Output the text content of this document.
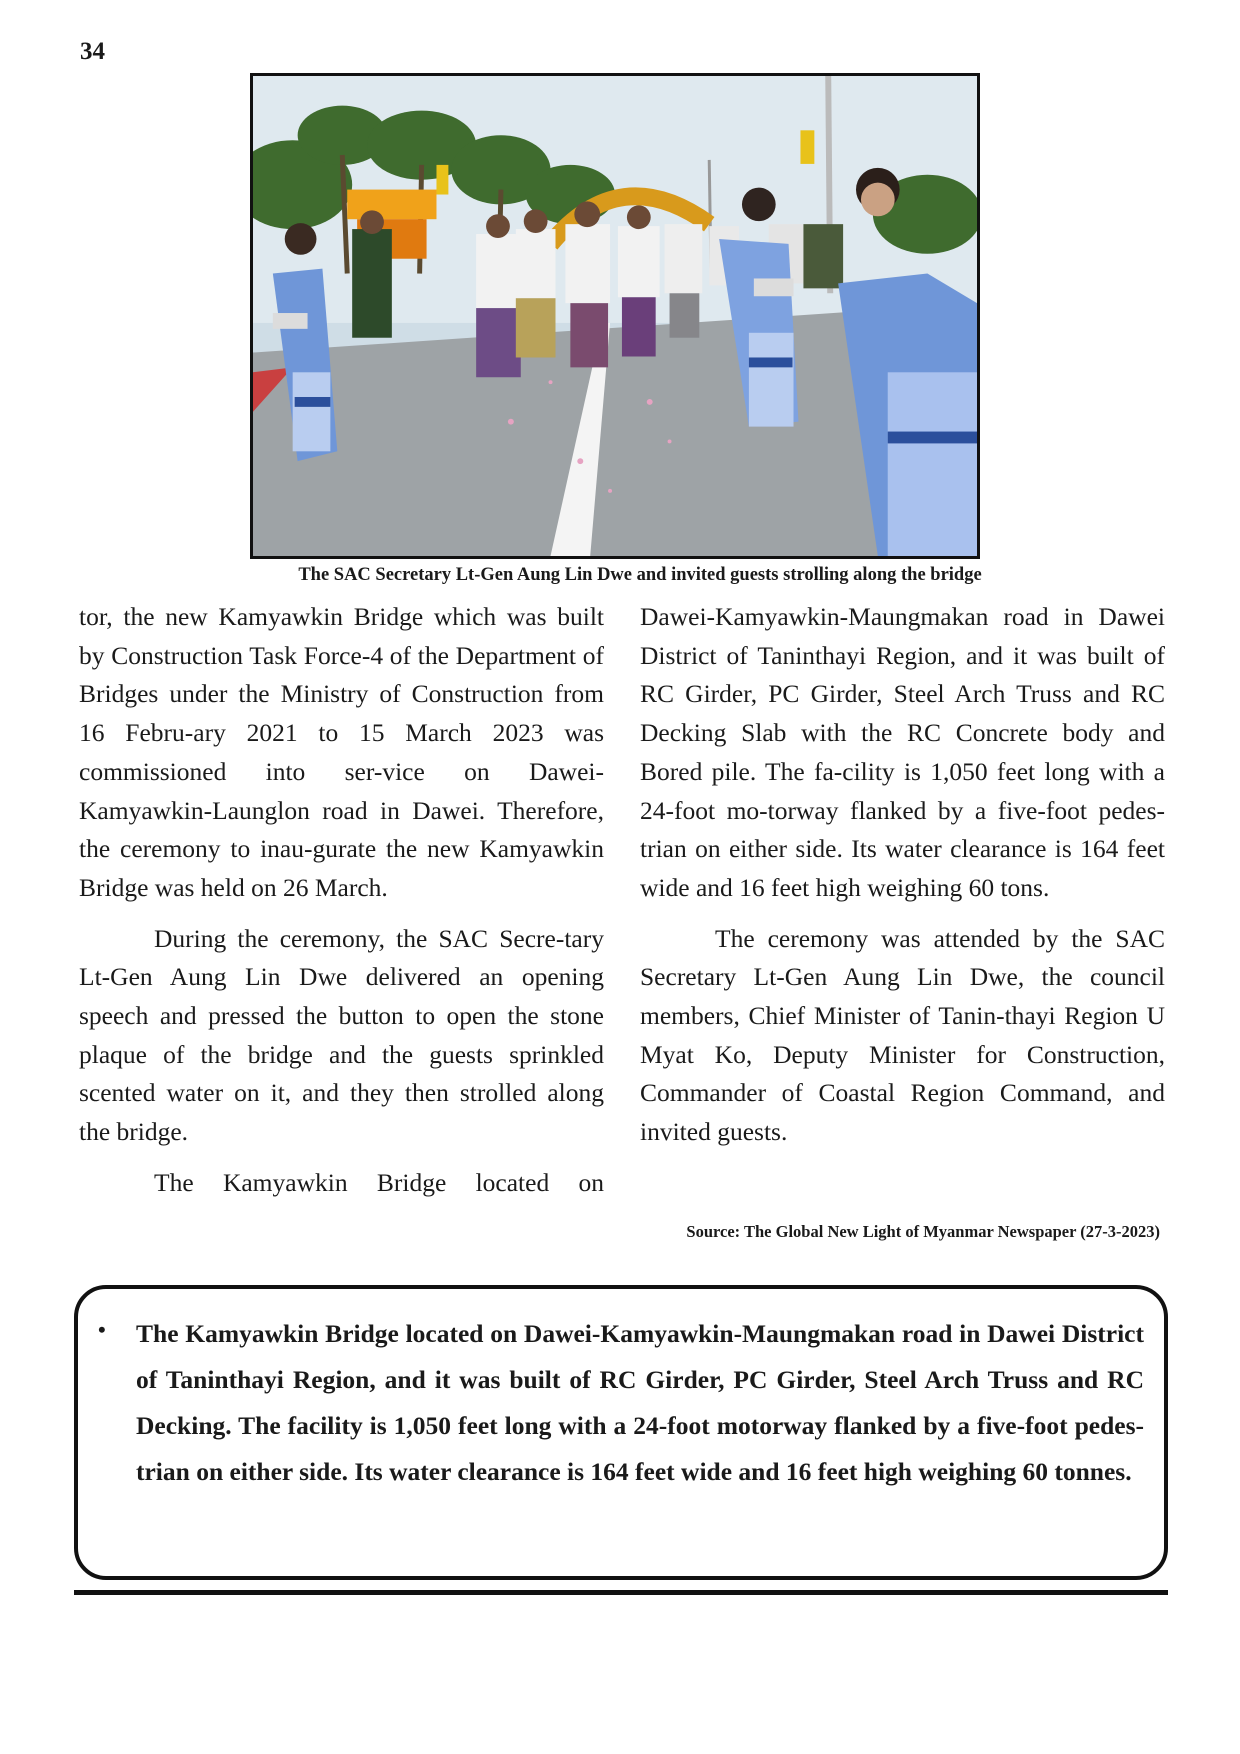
34
The SAC Secretary Lt-Gen Aung Lin Dwe and invited guests strolling along the bridge

tor, the new Kamyawkin Bridge which was built by Construction Task Force-4 of the Department of Bridges under the Ministry of Construction from 16 Febru-ary 2021 to 15 March 2023 was commissioned into ser-vice on Dawei-Kamyawkin-Launglon road in Dawei. Therefore, the ceremony to inau-gurate the new Kamyawkin Bridge was held on 26 March.

During the ceremony, the SAC Secre-tary Lt-Gen Aung Lin Dwe delivered an opening speech and pressed the button to open the stone plaque of the bridge and the guests sprinkled scented water on it, and they then strolled along the bridge.

The Kamyawkin Bridge located on

Dawei-Kamyawkin-Maungmakan road in Dawei District of Taninthayi Region, and it was built of RC Girder, PC Girder, Steel Arch Truss and RC Decking Slab with the RC Concrete body and Bored pile. The fa-cility is 1,050 feet long with a 24-foot mo-torway flanked by a five-foot pedes-trian on either side. Its water clearance is 164 feet wide and 16 feet high weighing 60 tons.

The ceremony was attended by the SAC Secretary Lt-Gen Aung Lin Dwe, the council members, Chief Minister of Tanin-thayi Region U Myat Ko, Deputy Minister for Construction, Commander of Coastal Region Command, and invited guests.

Source: The Global New Light of Myanmar Newspaper (27-3-2023)
• The Kamyawkin Bridge located on Dawei-Kamyawkin-Maungmakan road in Dawei District of Taninthayi Region, and it was built of RC Girder, PC Girder, Steel Arch Truss and RC Decking. The facility is 1,050 feet long with a 24-foot motorway flanked by a five-foot pedes-trian on either side. Its water clearance is 164 feet wide and 16 feet high weighing 60 tonnes.
